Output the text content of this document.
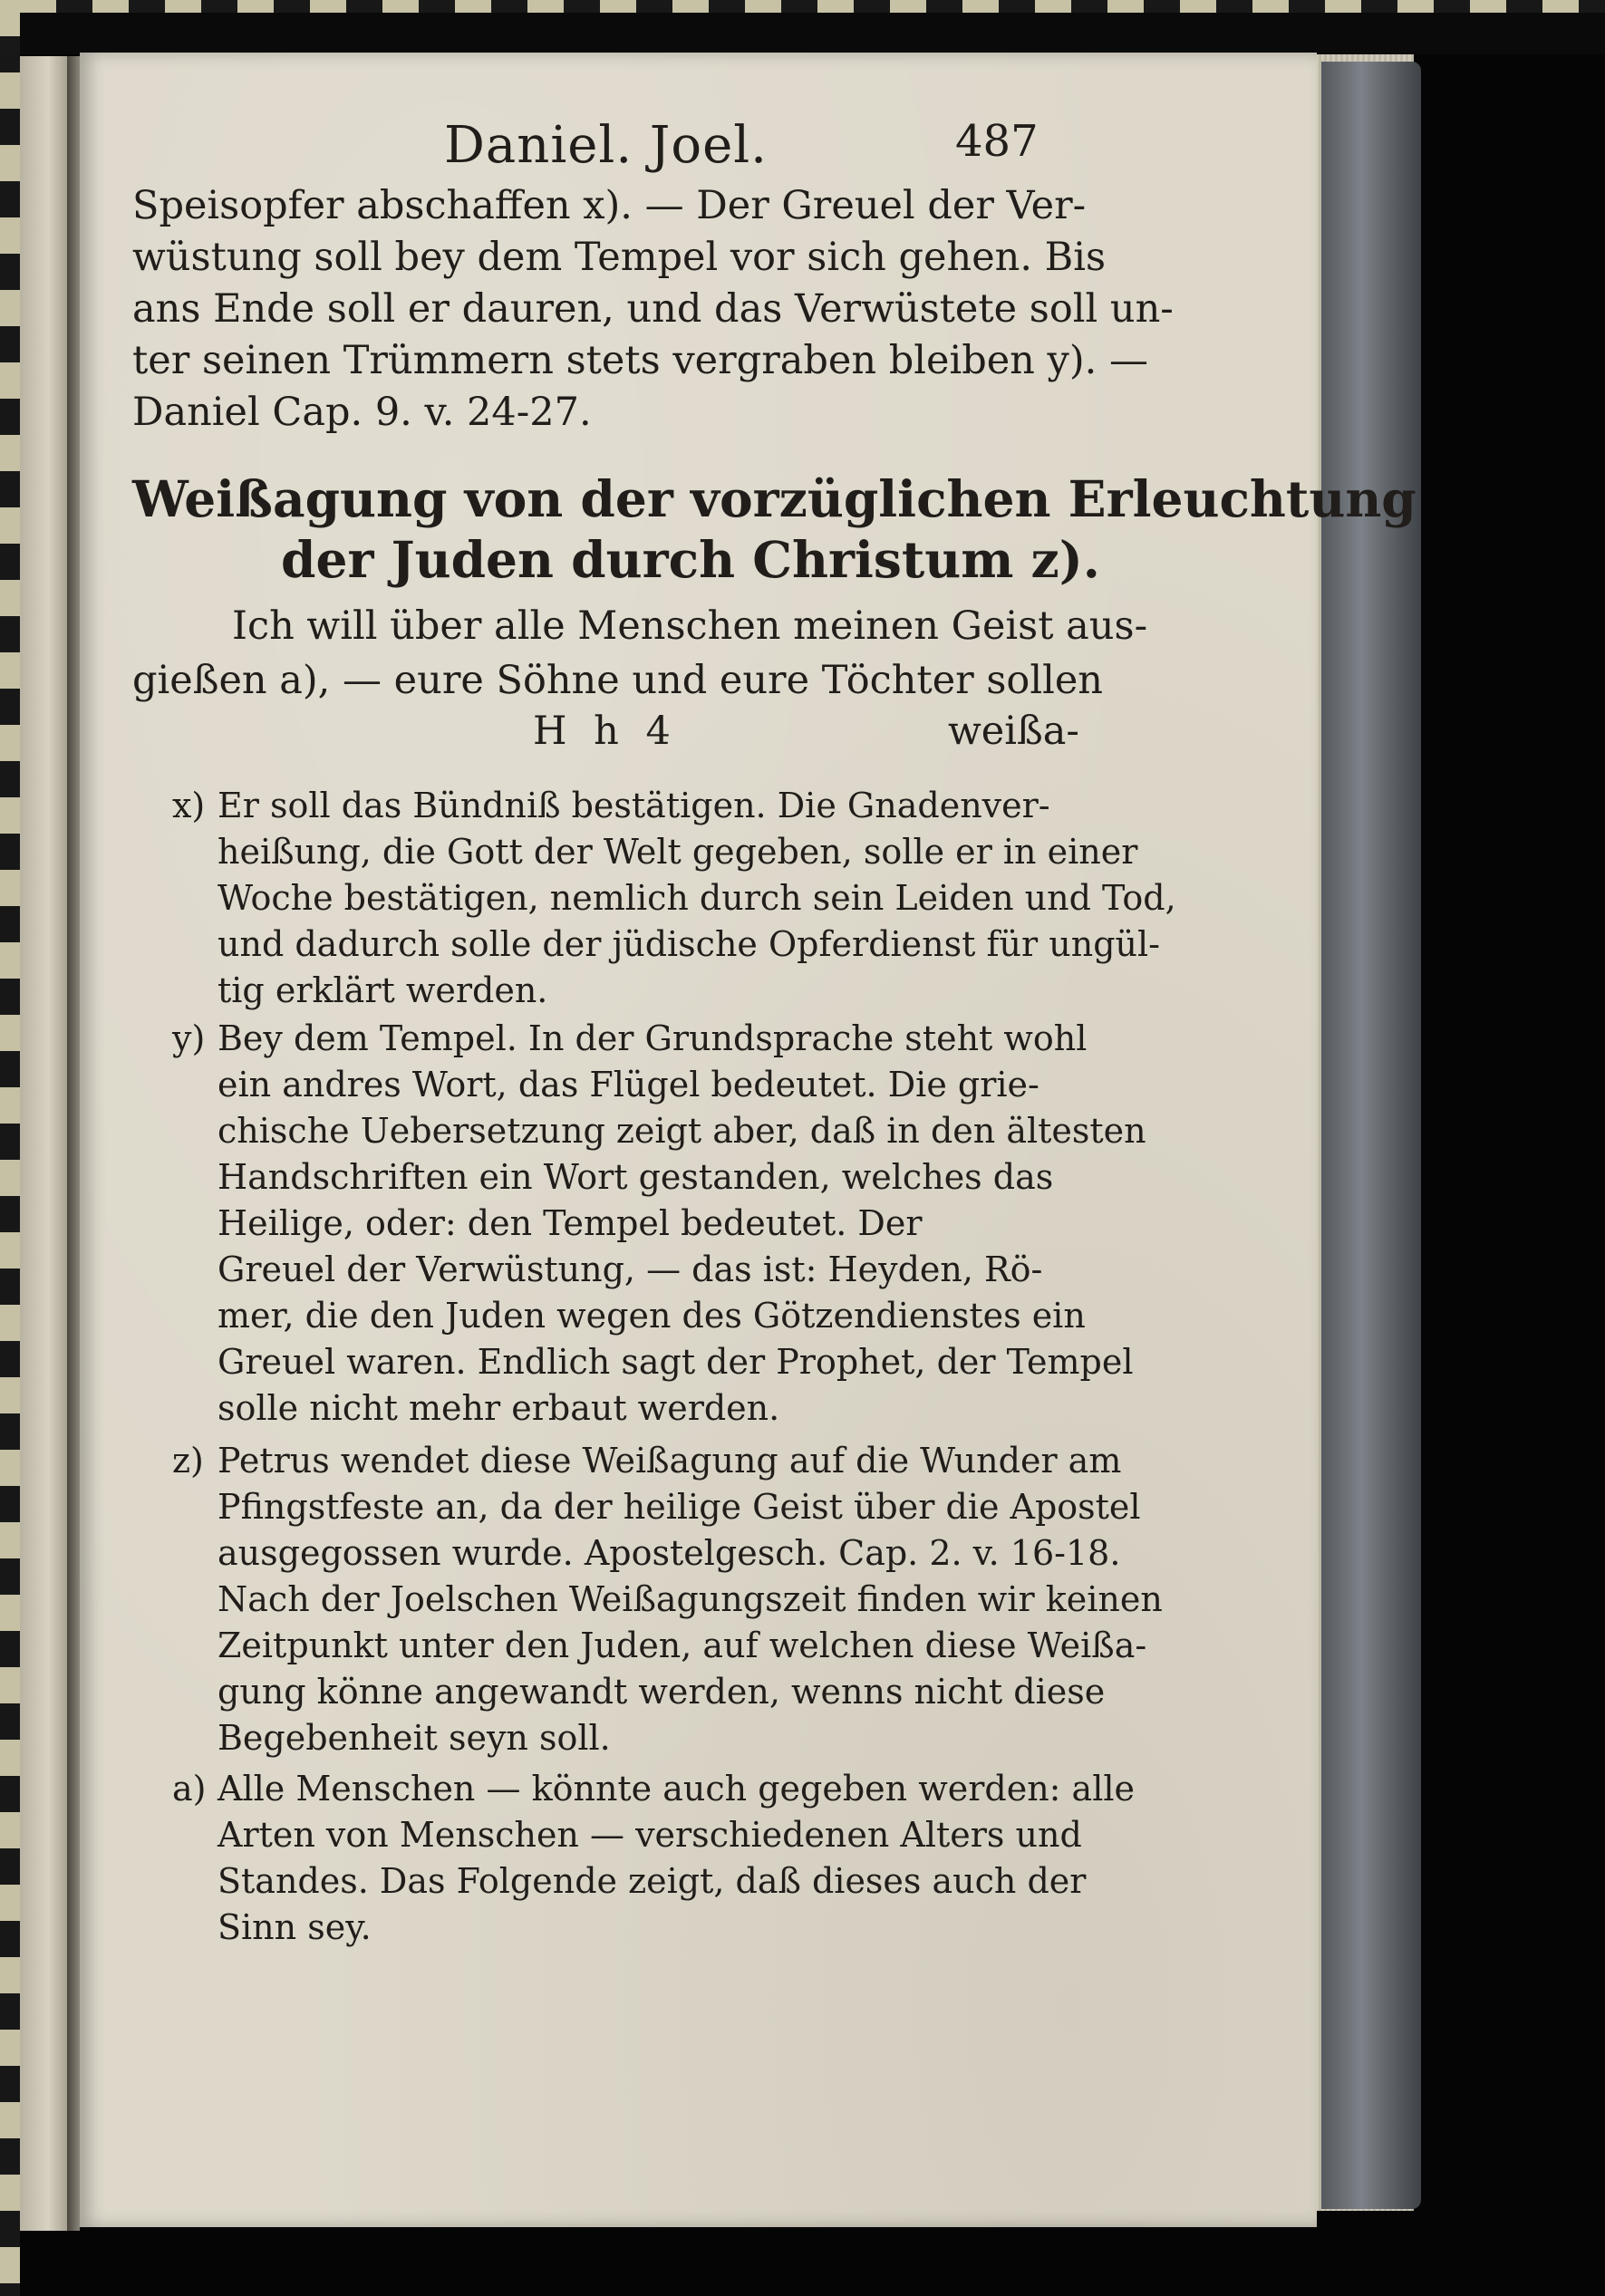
Daniel. Joel.	487
Speisopfer abschaffen x). — Der Greuel der Ver-
wüstung soll bey dem Tempel vor sich gehen. Bis
ans Ende soll er dauren, und das Verwüstete soll un-
ter seinen Trümmern stets vergraben bleiben y). —
Daniel Cap. 9. v. 24-27.
Weißagung von der vorzüglichen Erleuchtung
der Juden durch Christum z).
Ich will über alle Menschen meinen Geist aus-
gießen a), — eure Söhne und eure Töchter sollen
H h 4	weißa-
x) Er soll das Bündniß bestätigen. Die Gnadenver-
heißung, die Gott der Welt gegeben, solle er in einer
Woche bestätigen, nemlich durch sein Leiden und Tod,
und dadurch solle der jüdische Opferdienst für ungül-
tig erklärt werden.
y) Bey dem Tempel. In der Grundsprache steht wohl
ein andres Wort, das Flügel bedeutet. Die grie-
chische Uebersetzung zeigt aber, daß in den ältesten
Handschriften ein Wort gestanden, welches das
Heilige, oder: den Tempel bedeutet. Der
Greuel der Verwüstung, — das ist: Heyden, Rö-
mer, die den Juden wegen des Götzendienstes ein
Greuel waren. Endlich sagt der Prophet, der Tempel
solle nicht mehr erbaut werden.
z) Petrus wendet diese Weißagung auf die Wunder am
Pfingstfeste an, da der heilige Geist über die Apostel
ausgegossen wurde. Apostelgesch. Cap. 2. v. 16-18.
Nach der Joelschen Weißagungszeit finden wir keinen
Zeitpunkt unter den Juden, auf welchen diese Weißa-
gung könne angewandt werden, wenns nicht diese
Begebenheit seyn soll.
a) Alle Menschen — könnte auch gegeben werden: alle
Arten von Menschen — verschiedenen Alters und
Standes. Das Folgende zeigt, daß dieses auch der
Sinn sey.
